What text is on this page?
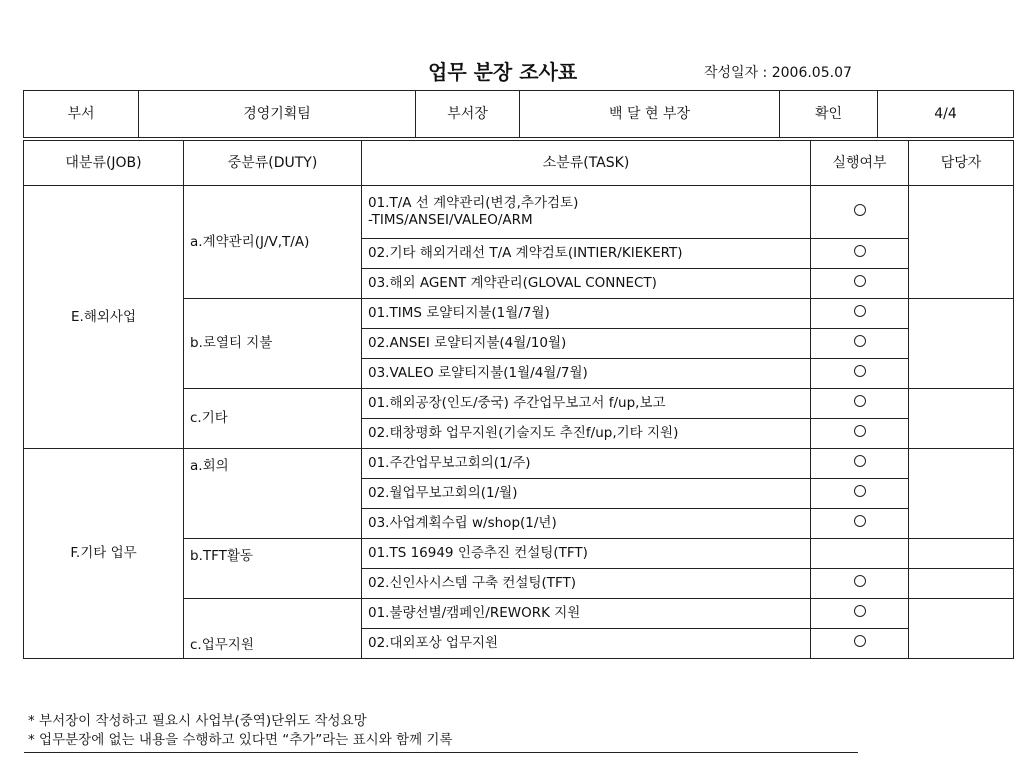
업무 분장 조사표	작성일자 : 2006.05.07
부서	경영기획팀	부서장	백 달 현 부장	확인	4/4
대분류(JOB)	중분류(DUTY)	소분류(TASK)	실행여부	담당자
E.해외사업	a.계약관리(J/V,T/A)	01.T/A 선 계약관리(변경,추가검토)
-TIMS/ANSEI/VALEO/ARM		

		02.기타 해외거래선 T/A 계약검토(INTIER/KIEKERT)		
		03.해외 AGENT 계약관리(GLOVAL CONNECT)		
	b.로열티 지불	01.TIMS 로얄티지불(1월/7월)		
		02.ANSEI 로얄티지불(4월/10월)		
		03.VALEO 로얄티지불(1월/4월/7월)		
	c.기타	01.해외공장(인도/중국) 주간업무보고서 f/up,보고		
		02.태창평화 업무지원(기술지도 추진f/up,기타 지원)		
F.기타 업무	a.회의	01.주간업무보고회의(1/주)		
		02.월업무보고회의(1/월)		
		03.사업계획수립 w/shop(1/년)		
	b.TFT활동	01.TS 16949 인증추진 컨설팅(TFT)		
		02.신인사시스템 구축 컨설팅(TFT)		
	c.업무지원	01.불량선별/캠페인/REWORK 지원		
		02.대외포상 업무지원		
* 부서장이 작성하고 필요시 사업부(중역)단위도 작성요망
* 업무분장에 없는 내용을 수행하고 있다면 “추가”라는 표시와 함께 기록
